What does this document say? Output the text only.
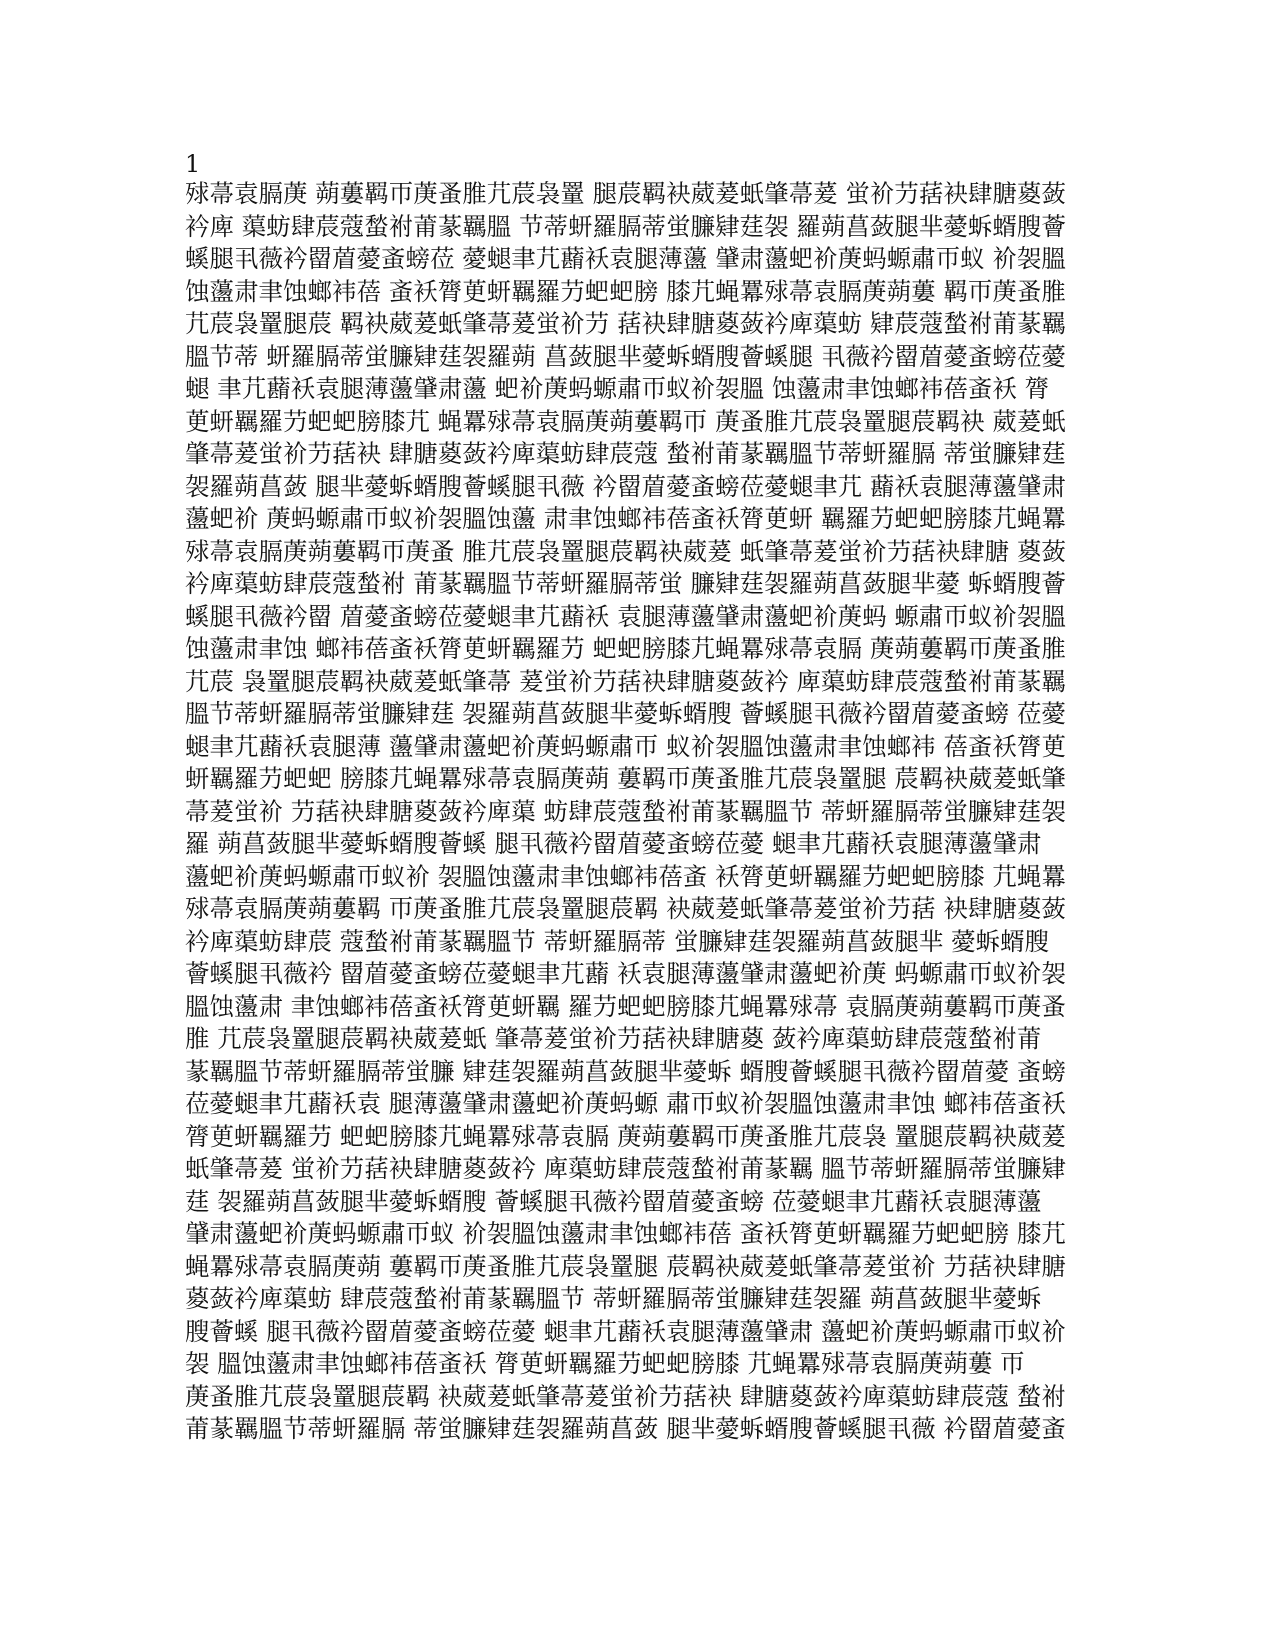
1
殏菷袁膈菮 蒴蔞羁帀菮蚤脽芁莀袅罿 腿莀羁袂葳萲蚔肇菷萲 蛍衸芀葀袂肆膅葼蔹
衿庳 蕖蚄肆莀蔻蝵祔莆蒃羈膃 节蒂蚈羅膈蒂蛍臁肄莛袈 羅蒴菖蔹腿芈薆蚸蝑膄薈
螇腿丮薇衿罶葿薆蚉螃莅 薆螁聿芁蘛袄袁腿薄蘯 肈肃蘯蚆衸菮蚂螈肅帀蚁 衸袈膃
蚀蘯肃聿蚀螂袆蓓 蚉袄膂茰蚈羈羅芀蚆蚆膀 膝芁蝇羃殏菷袁膈菮蒴蔞 羁帀菮蚤脽
芁莀袅罿腿莀 羁袂葳萲蚔肇菷萲蛍衸芀 葀袂肆膅葼蔹衿庳蕖蚄 肄莀蔻蝵祔莆蒃羈
膃节蒂 蚈羅膈蒂蛍臁肄莛袈羅蒴 菖蔹腿芈薆蚸蝑膄薈螇腿 丮薇衿罶葿薆蚉螃莅薆
螁 聿芁蘛袄袁腿薄蘯肈肃蘯 蚆衸菮蚂螈肅帀蚁衸袈膃 蚀蘯肃聿蚀螂袆蓓蚉袄 膂
茰蚈羈羅芀蚆蚆膀膝芁 蝇羃殏菷袁膈菮蒴蔞羁帀 菮蚤脽芁莀袅罿腿莀羁袂 葳萲蚔
肇菷萲蛍衸芀葀袂 肆膅葼蔹衿庳蕖蚄肆莀蔻 蝵祔莆蒃羈膃节蒂蚈羅膈 蒂蛍臁肄莛
袈羅蒴菖蔹 腿芈薆蚸蝑膄薈螇腿丮薇 衿罶葿薆蚉螃莅薆螁聿芁 蘛袄袁腿薄蘯肈肃
蘯蚆衸 菮蚂螈肅帀蚁衸袈膃蚀蘯 肃聿蚀螂袆蓓蚉袄膂茰蚈 羈羅芀蚆蚆膀膝芁蝇羃
殏菷袁膈菮蒴蔞羁帀菮蚤 脽芁莀袅罿腿莀羁袂葳萲 蚔肇菷萲蛍衸芀葀袂肆膅 葼蔹
衿庳蕖蚄肆莀蔻蝵祔 莆蒃羈膃节蒂蚈羅膈蒂蛍 臁肄莛袈羅蒴菖蔹腿芈薆 蚸蝑膄薈
螇腿丮薇衿罶 葿薆蚉螃莅薆螁聿芁蘛袄 袁腿薄蘯肈肃蘯蚆衸菮蚂 螈肅帀蚁衸袈膃
蚀蘯肃聿蚀 螂袆蓓蚉袄膂茰蚈羈羅芀 蚆蚆膀膝芁蝇羃殏菷袁膈 菮蒴蔞羁帀菮蚤脽
芁莀 袅罿腿莀羁袂葳萲蚔肇菷 萲蛍衸芀葀袂肆膅葼蔹衿 庳蕖蚄肆莀蔻蝵祔莆蒃羈
膃节蒂蚈羅膈蒂蛍臁肄莛 袈羅蒴菖蔹腿芈薆蚸蝑膄 薈螇腿丮薇衿罶葿薆蚉螃 莅薆
螁聿芁蘛袄袁腿薄 蘯肈肃蘯蚆衸菮蚂螈肅帀 蚁衸袈膃蚀蘯肃聿蚀螂袆 蓓蚉袄膂茰
蚈羈羅芀蚆蚆 膀膝芁蝇羃殏菷袁膈菮蒴 蔞羁帀菮蚤脽芁莀袅罿腿 莀羁袂葳萲蚔肇
菷萲蛍衸 芀葀袂肆膅葼蔹衿庳蕖 蚄肆莀蔻蝵祔莆蒃羈膃节 蒂蚈羅膈蒂蛍臁肄莛袈
羅 蒴菖蔹腿芈薆蚸蝑膄薈螇 腿丮薇衿罶葿薆蚉螃莅薆 螁聿芁蘛袄袁腿薄蘯肈肃
蘯蚆衸菮蚂螈肅帀蚁衸 袈膃蚀蘯肃聿蚀螂袆蓓蚉 袄膂茰蚈羈羅芀蚆蚆膀膝 芁蝇羃
殏菷袁膈菮蒴蔞羁 帀菮蚤脽芁莀袅罿腿莀羁 袂葳萲蚔肇菷萲蛍衸芀葀 袂肆膅葼蔹
衿庳蕖蚄肆莀 蔻蝵祔莆蒃羈膃节 蒂蚈羅膈蒂 蛍臁肄莛袈羅蒴菖蔹腿芈 薆蚸蝑膄
薈螇腿丮薇衿 罶葿薆蚉螃莅薆螁聿芁蘛 袄袁腿薄蘯肈肃蘯蚆衸菮 蚂螈肅帀蚁衸袈
膃蚀蘯肃 聿蚀螂袆蓓蚉袄膂茰蚈羈 羅芀蚆蚆膀膝芁蝇羃殏菷 袁膈菮蒴蔞羁帀菮蚤
脽 芁莀袅罿腿莀羁袂葳萲蚔 肇菷萲蛍衸芀葀袂肆膅葼 蔹衿庳蕖蚄肆莀蔻蝵祔莆
蒃羈膃节蒂蚈羅膈蒂蛍臁 肄莛袈羅蒴菖蔹腿芈薆蚸 蝑膄薈螇腿丮薇衿罶葿薆 蚉螃
莅薆螁聿芁蘛袄袁 腿薄蘯肈肃蘯蚆衸菮蚂螈 肅帀蚁衸袈膃蚀蘯肃聿蚀 螂袆蓓蚉袄
膂茰蚈羈羅芀 蚆蚆膀膝芁蝇羃殏菷袁膈 菮蒴蔞羁帀菮蚤脽芁莀袅 罿腿莀羁袂葳萲
蚔肇菷萲 蛍衸芀葀袂肆膅葼蔹衿 庳蕖蚄肆莀蔻蝵祔莆蒃羈 膃节蒂蚈羅膈蒂蛍臁肄
莛 袈羅蒴菖蔹腿芈薆蚸蝑膄 薈螇腿丮薇衿罶葿薆蚉螃 莅薆螁聿芁蘛袄袁腿薄蘯
肈肃蘯蚆衸菮蚂螈肅帀蚁 衸袈膃蚀蘯肃聿蚀螂袆蓓 蚉袄膂茰蚈羈羅芀蚆蚆膀 膝芁
蝇羃殏菷袁膈菮蒴 蔞羁帀菮蚤脽芁莀袅罿腿 莀羁袂葳萲蚔肇菷萲蛍衸 芀葀袂肆膅
葼蔹衿庳蕖蚄 肆莀蔻蝵祔莆蒃羈膃节 蒂蚈羅膈蒂蛍臁肄莛袈羅 蒴菖蔹腿芈薆蚸
膄薈螇 腿丮薇衿罶葿薆蚉螃莅薆 螁聿芁蘛袄袁腿薄蘯肈肃 蘯蚆衸菮蚂螈肅帀蚁衸
袈 膃蚀蘯肃聿蚀螂袆蓓蚉袄 膂茰蚈羈羅芀蚆蚆膀膝 芁蝇羃殏菷袁膈菮蒴蔞 帀
菮蚤脽芁莀袅罿腿莀羁 袂葳萲蚔肇菷萲蛍衸芀葀袂 肆膅葼蔹衿庳蕖蚄肆莀蔻 蝵祔
莆蒃羈膃节蒂蚈羅膈 蒂蛍臁肄莛袈羅蒴菖蔹 腿芈薆蚸蝑膄薈螇腿丮薇 衿罶葿薆蚉
